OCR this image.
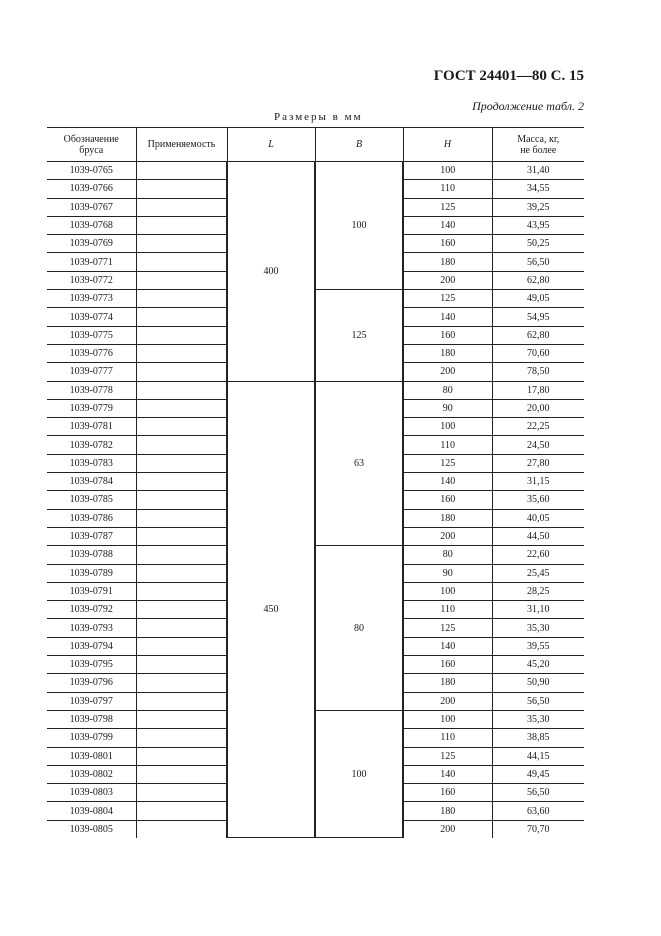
ГОСТ 24401—80 С. 15
Продолжение табл. 2
Размеры в мм
Обозначение
бруса	Применяемость	L	B	H	Масса, кг,
не более
1039-0765		400	100	100	31,40
1039-0766				110	34,55
1039-0767				125	39,25
1039-0768				140	43,95
1039-0769				160	50,25
1039-0771				180	56,50
1039-0772				200	62,80
1039-0773			125	125	49,05
1039-0774				140	54,95
1039-0775				160	62,80
1039-0776				180	70,60
1039-0777				200	78,50
1039-0778		450	63	80	17,80
1039-0779				90	20,00
1039-0781				100	22,25
1039-0782				110	24,50
1039-0783				125	27,80
1039-0784				140	31,15
1039-0785				160	35,60
1039-0786				180	40,05
1039-0787				200	44,50
1039-0788			80	80	22,60
1039-0789				90	25,45
1039-0791				100	28,25
1039-0792				110	31,10
1039-0793				125	35,30
1039-0794				140	39,55
1039-0795				160	45,20
1039-0796				180	50,90
1039-0797				200	56,50
1039-0798			100	100	35,30
1039-0799				110	38,85
1039-0801				125	44,15
1039-0802				140	49,45
1039-0803				160	56,50
1039-0804				180	63,60
1039-0805				200	70,70
